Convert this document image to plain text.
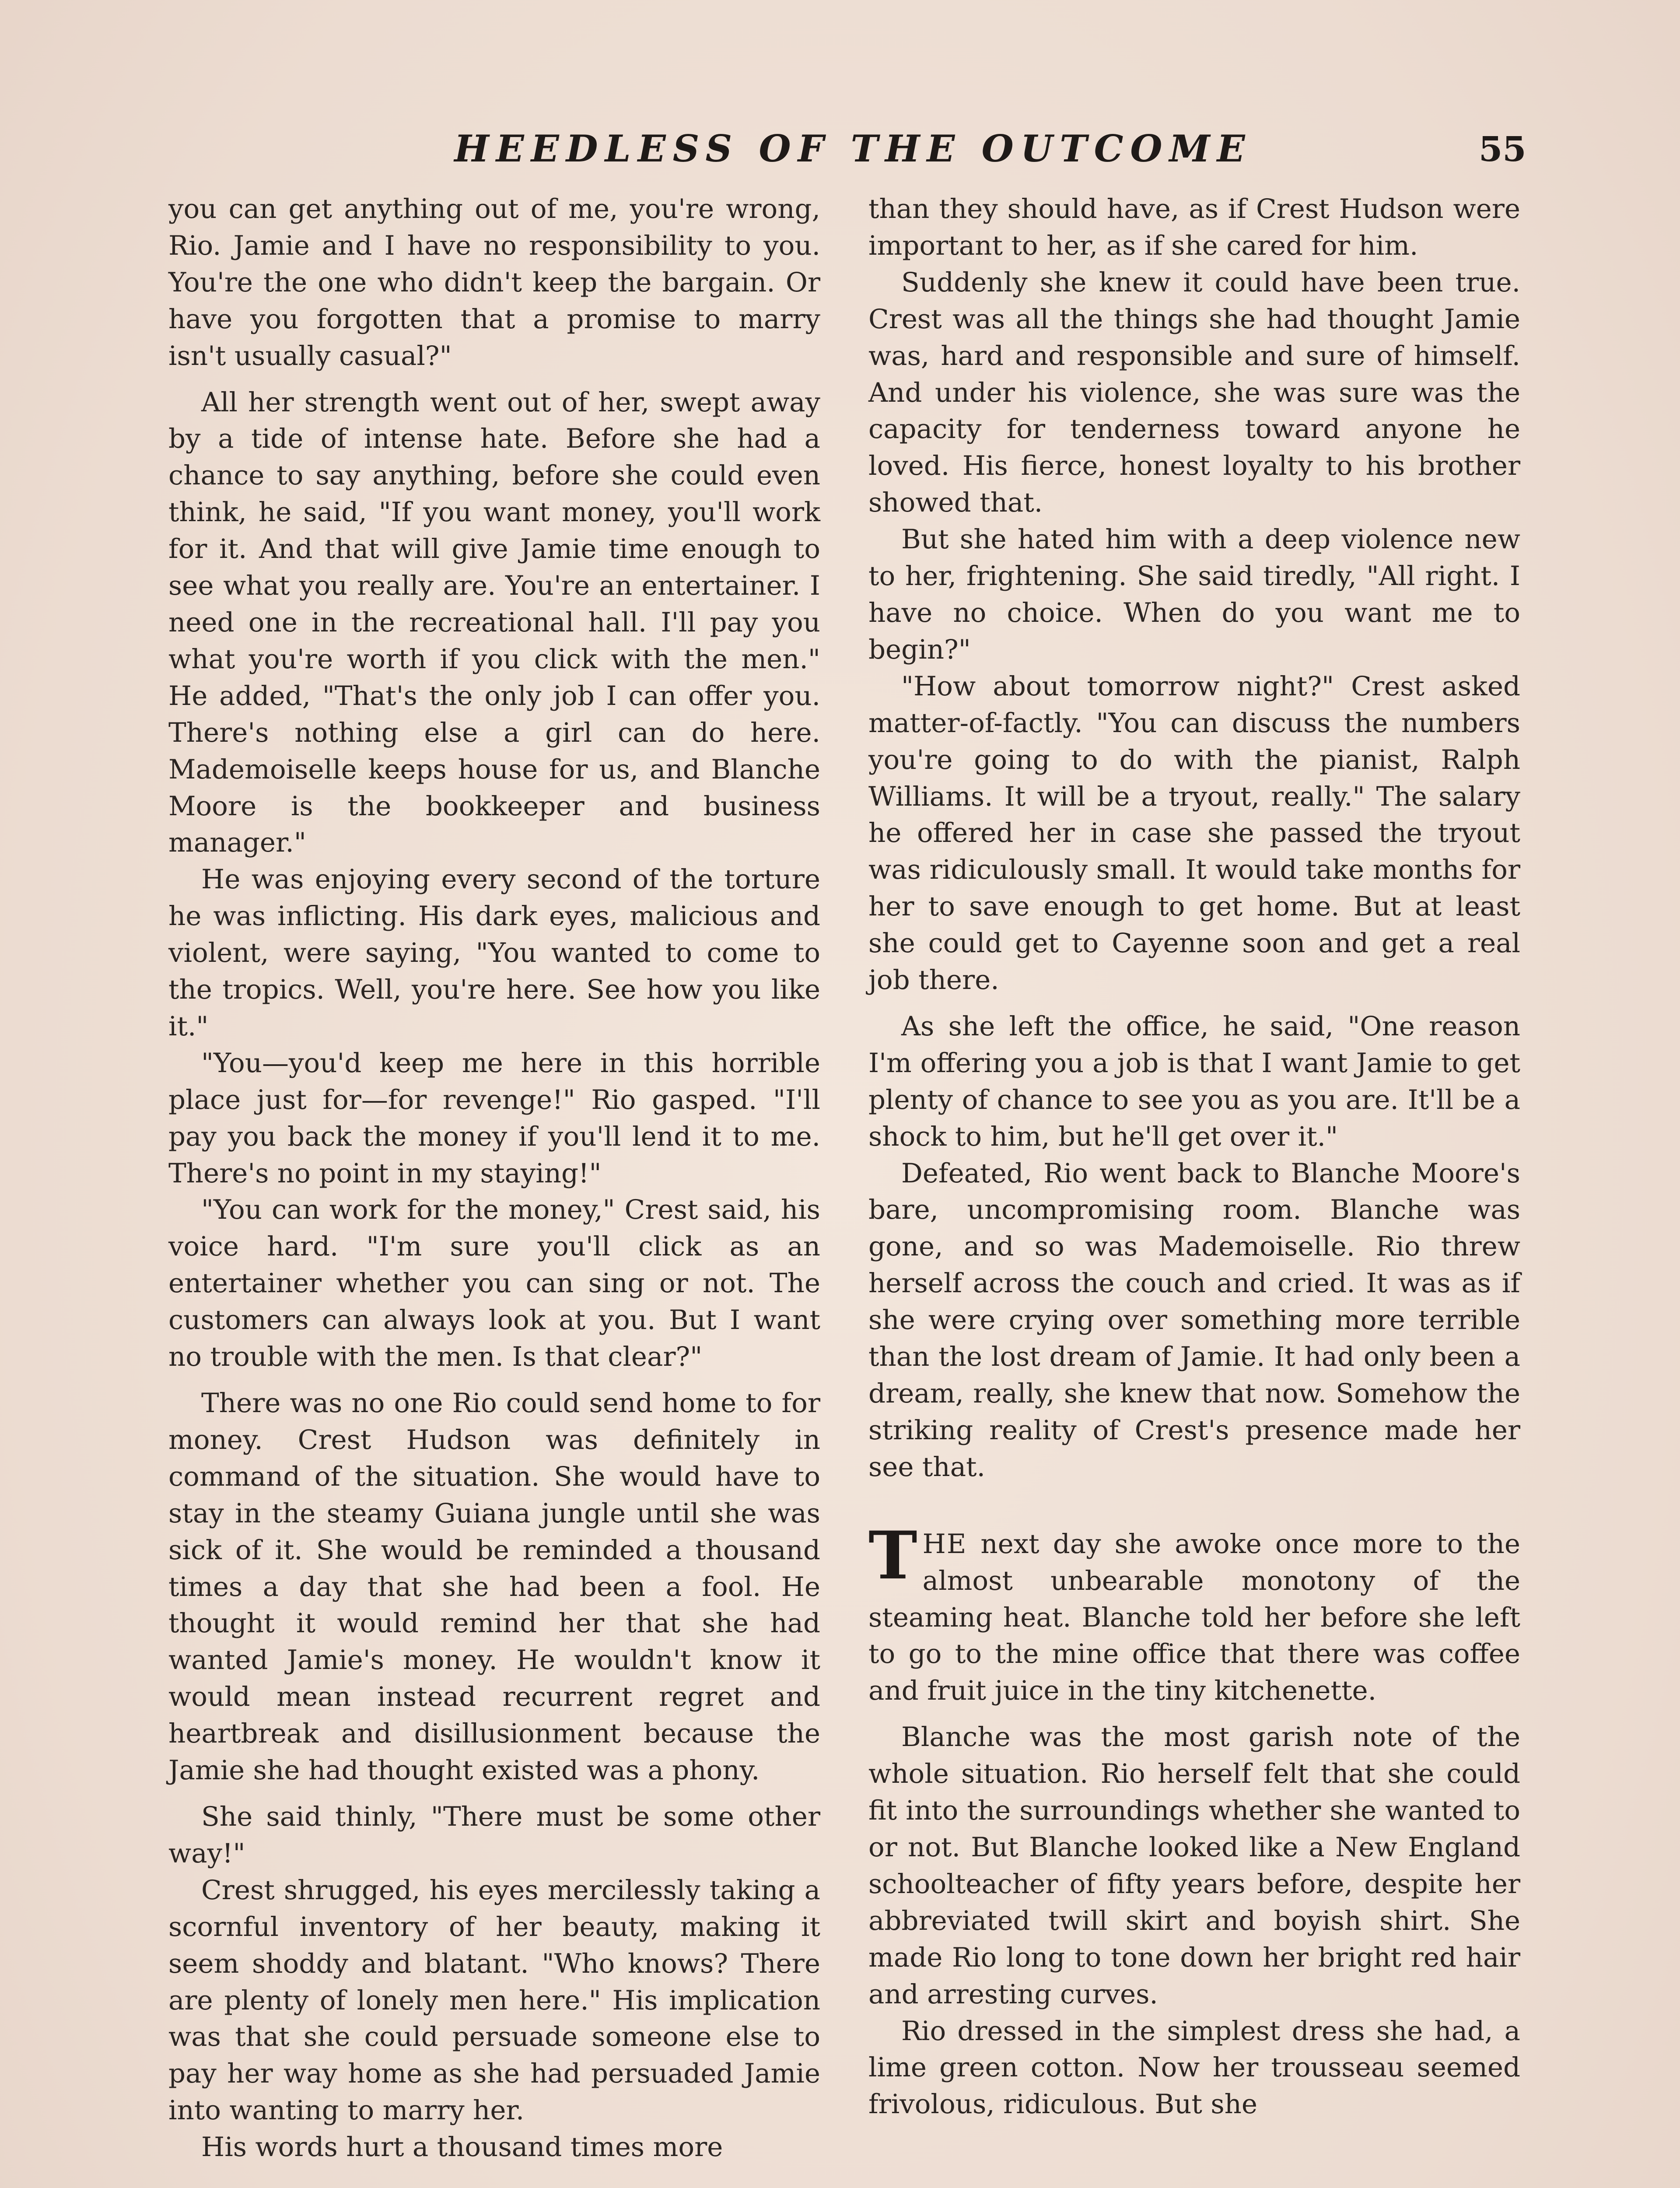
HEEDLESS OF THE OUTCOME	55

you can get anything out of me, you're wrong, Rio. Jamie and I have no responsibility to you. You're the one who didn't keep the bargain. Or have you forgotten that a promise to marry isn't usually casual?"

All her strength went out of her, swept away by a tide of intense hate. Before she had a chance to say anything, before she could even think, he said, "If you want money, you'll work for it. And that will give Jamie time enough to see what you really are. You're an entertainer. I need one in the recreational hall. I'll pay you what you're worth if you click with the men." He added, "That's the only job I can offer you. There's nothing else a girl can do here. Mademoiselle keeps house for us, and Blanche Moore is the bookkeeper and business manager."

He was enjoying every second of the torture he was inflicting. His dark eyes, malicious and violent, were saying, "You wanted to come to the tropics. Well, you're here. See how you like it."

"You—you'd keep me here in this horrible place just for—for revenge!" Rio gasped. "I'll pay you back the money if you'll lend it to me. There's no point in my staying!"

"You can work for the money," Crest said, his voice hard. "I'm sure you'll click as an entertainer whether you can sing or not. The customers can always look at you. But I want no trouble with the men. Is that clear?"

There was no one Rio could send home to for money. Crest Hudson was definitely in command of the situation. She would have to stay in the steamy Guiana jungle until she was sick of it. She would be reminded a thousand times a day that she had been a fool. He thought it would remind her that she had wanted Jamie's money. He wouldn't know it would mean instead recurrent regret and heartbreak and disillusionment because the Jamie she had thought existed was a phony.

She said thinly, "There must be some other way!"

Crest shrugged, his eyes mercilessly taking a scornful inventory of her beauty, making it seem shoddy and blatant. "Who knows? There are plenty of lonely men here." His implication was that she could persuade someone else to pay her way home as she had persuaded Jamie into wanting to marry her.

His words hurt a thousand times more

than they should have, as if Crest Hudson were important to her, as if she cared for him.

Suddenly she knew it could have been true. Crest was all the things she had thought Jamie was, hard and responsible and sure of himself. And under his violence, she was sure was the capacity for tenderness toward anyone he loved. His fierce, honest loyalty to his brother showed that.

But she hated him with a deep violence new to her, frightening. She said tiredly, "All right. I have no choice. When do you want me to begin?"

"How about tomorrow night?" Crest asked matter-of-factly. "You can discuss the numbers you're going to do with the pianist, Ralph Williams. It will be a tryout, really." The salary he offered her in case she passed the tryout was ridiculously small. It would take months for her to save enough to get home. But at least she could get to Cayenne soon and get a real job there.

As she left the office, he said, "One reason I'm offering you a job is that I want Jamie to get plenty of chance to see you as you are. It'll be a shock to him, but he'll get over it."

Defeated, Rio went back to Blanche Moore's bare, uncompromising room. Blanche was gone, and so was Mademoiselle. Rio threw herself across the couch and cried. It was as if she were crying over something more terrible than the lost dream of Jamie. It had only been a dream, really, she knew that now. Somehow the striking reality of Crest's presence made her see that.

THE next day she awoke once more to the almost unbearable monotony of the steaming heat. Blanche told her before she left to go to the mine office that there was coffee and fruit juice in the tiny kitchenette.

Blanche was the most garish note of the whole situation. Rio herself felt that she could fit into the surroundings whether she wanted to or not. But Blanche looked like a New England schoolteacher of fifty years before, despite her abbreviated twill skirt and boyish shirt. She made Rio long to tone down her bright red hair and arresting curves.

Rio dressed in the simplest dress she had, a lime green cotton. Now her trousseau seemed frivolous, ridiculous. But she
